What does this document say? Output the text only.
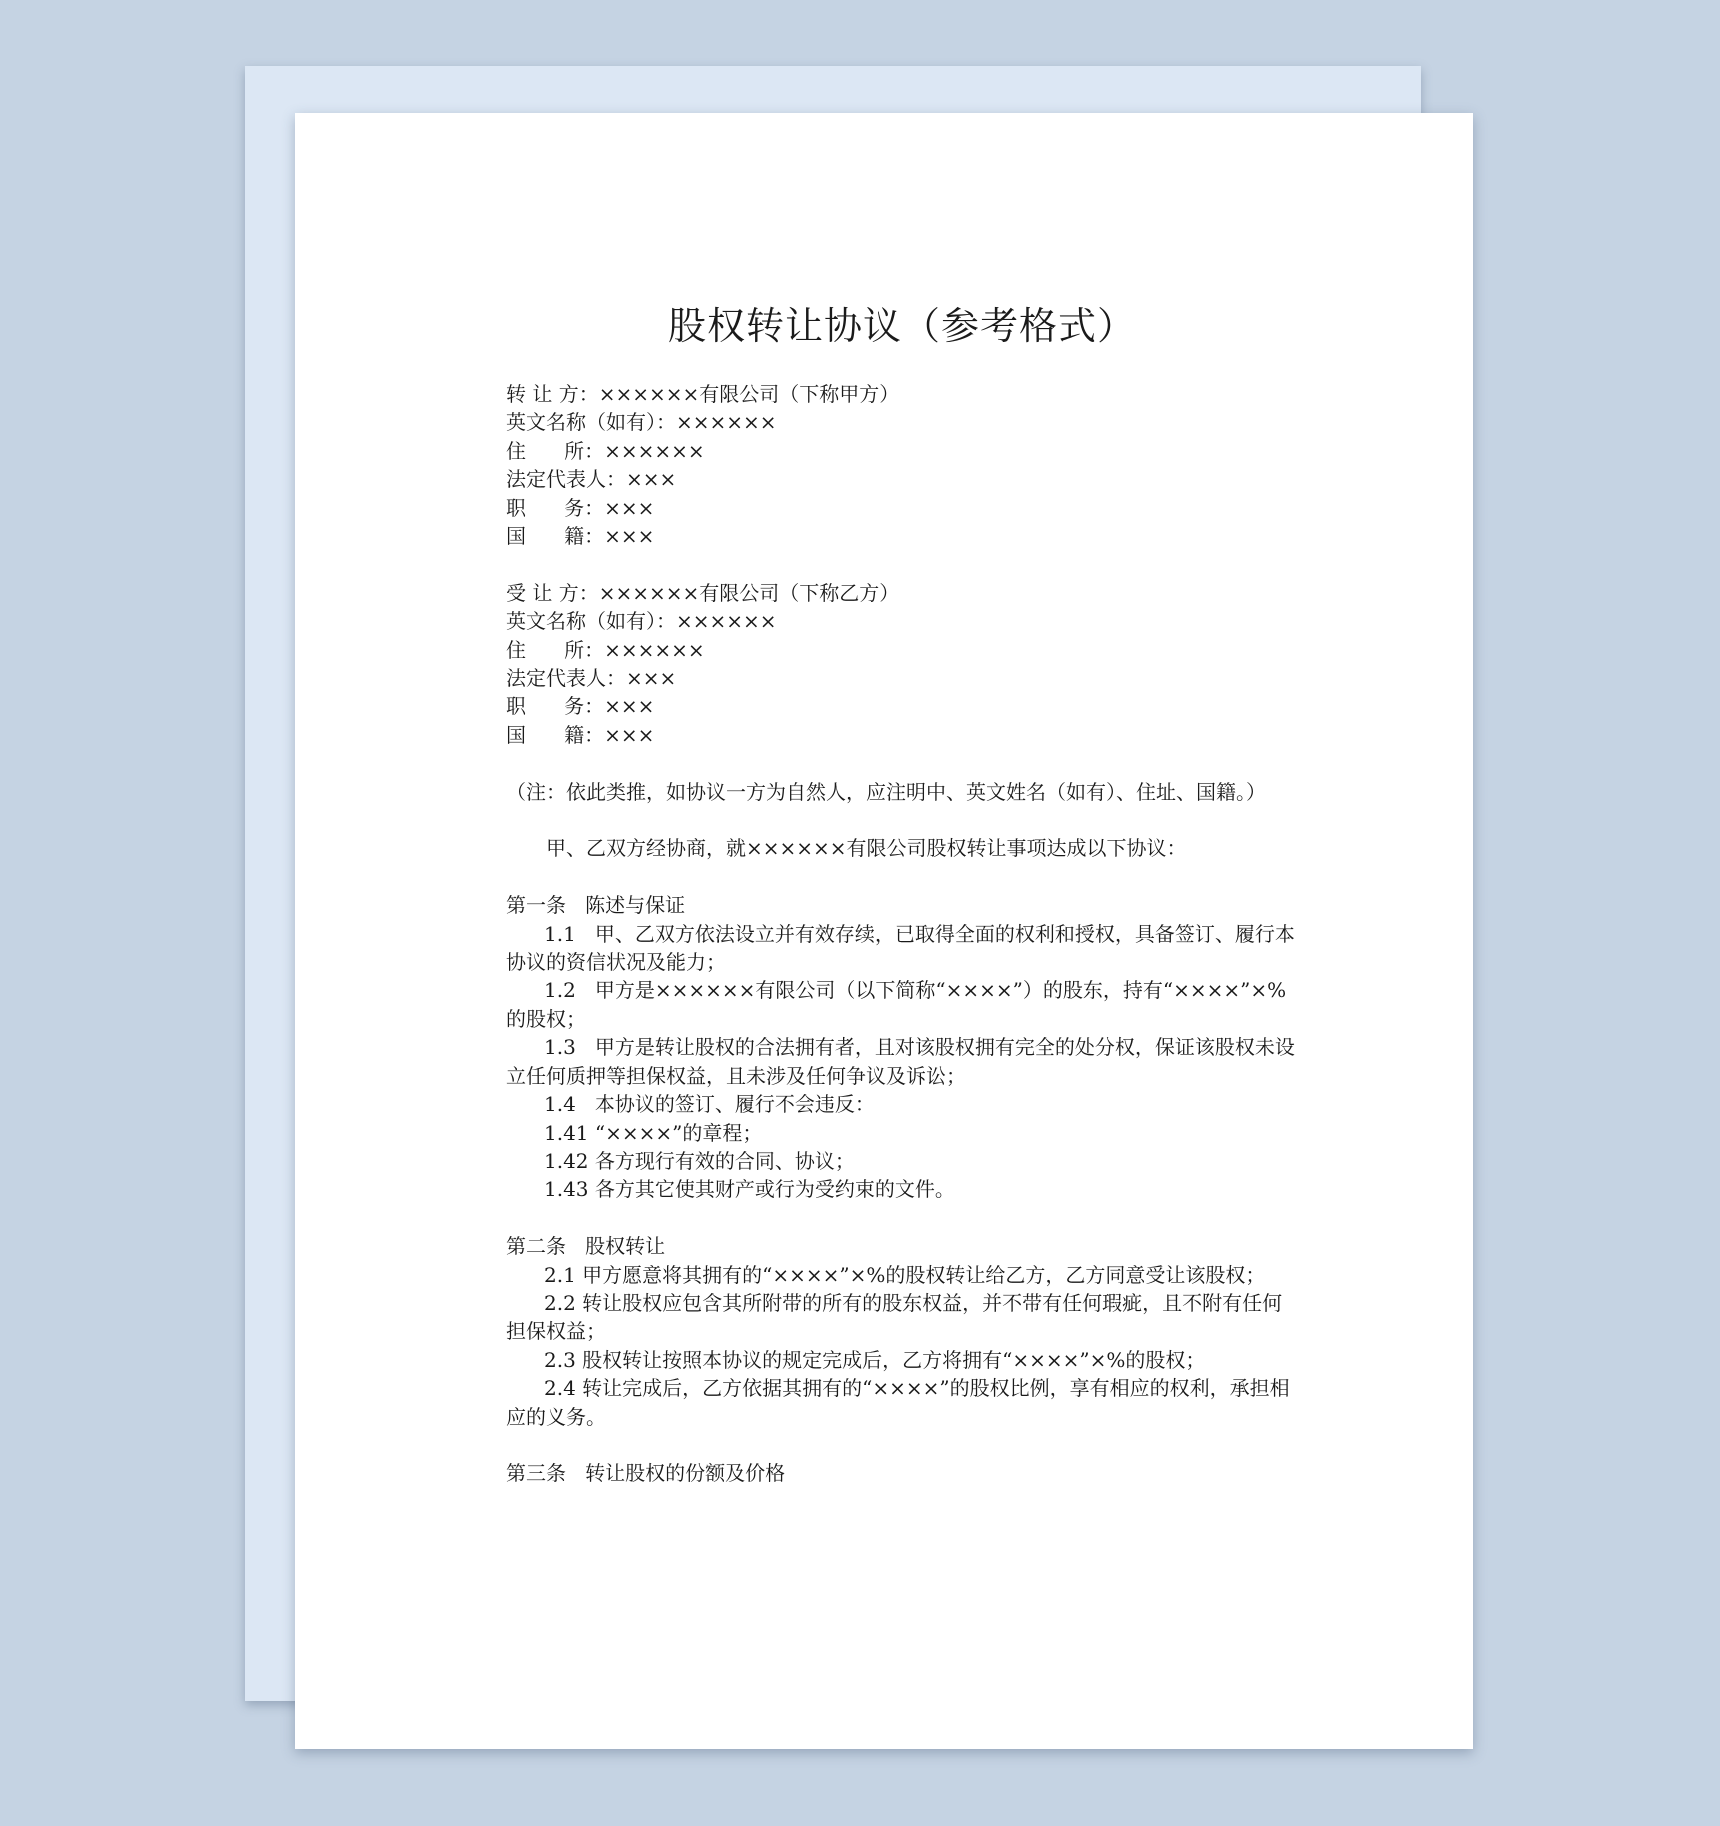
股权转让协议（参考格式）

转 让 方：××××××有限公司（下称甲方）

英文名称（如有）：××××××

住      所：××××××

法定代表人：×××

职      务：×××

国      籍：×××

受 让 方：××××××有限公司（下称乙方）

英文名称（如有）：××××××

住      所：××××××

法定代表人：×××

职      务：×××

国      籍：×××

（注：依此类推，如协议一方为自然人，应注明中、英文姓名（如有）、住址、国籍。）

甲、乙双方经协商，就××××××有限公司股权转让事项达成以下协议：

第一条   陈述与保证

1.1   甲、乙双方依法设立并有效存续，已取得全面的权利和授权，具备签订、履行本协议的资信状况及能力；

1.2   甲方是××××××有限公司（以下简称“××××”）的股东，持有“××××”×%的股权；

1.3   甲方是转让股权的合法拥有者，且对该股权拥有完全的处分权，保证该股权未设立任何质押等担保权益，且未涉及任何争议及诉讼；

1.4   本协议的签订、履行不会违反：

1.41 “××××”的章程；

1.42 各方现行有效的合同、协议；

1.43 各方其它使其财产或行为受约束的文件。

第二条   股权转让

2.1 甲方愿意将其拥有的“××××”×%的股权转让给乙方，乙方同意受让该股权；

2.2 转让股权应包含其所附带的所有的股东权益，并不带有任何瑕疵，且不附有任何担保权益；

2.3 股权转让按照本协议的规定完成后，乙方将拥有“××××”×%的股权；

2.4 转让完成后，乙方依据其拥有的“××××”的股权比例，享有相应的权利，承担相应的义务。

第三条   转让股权的份额及价格
